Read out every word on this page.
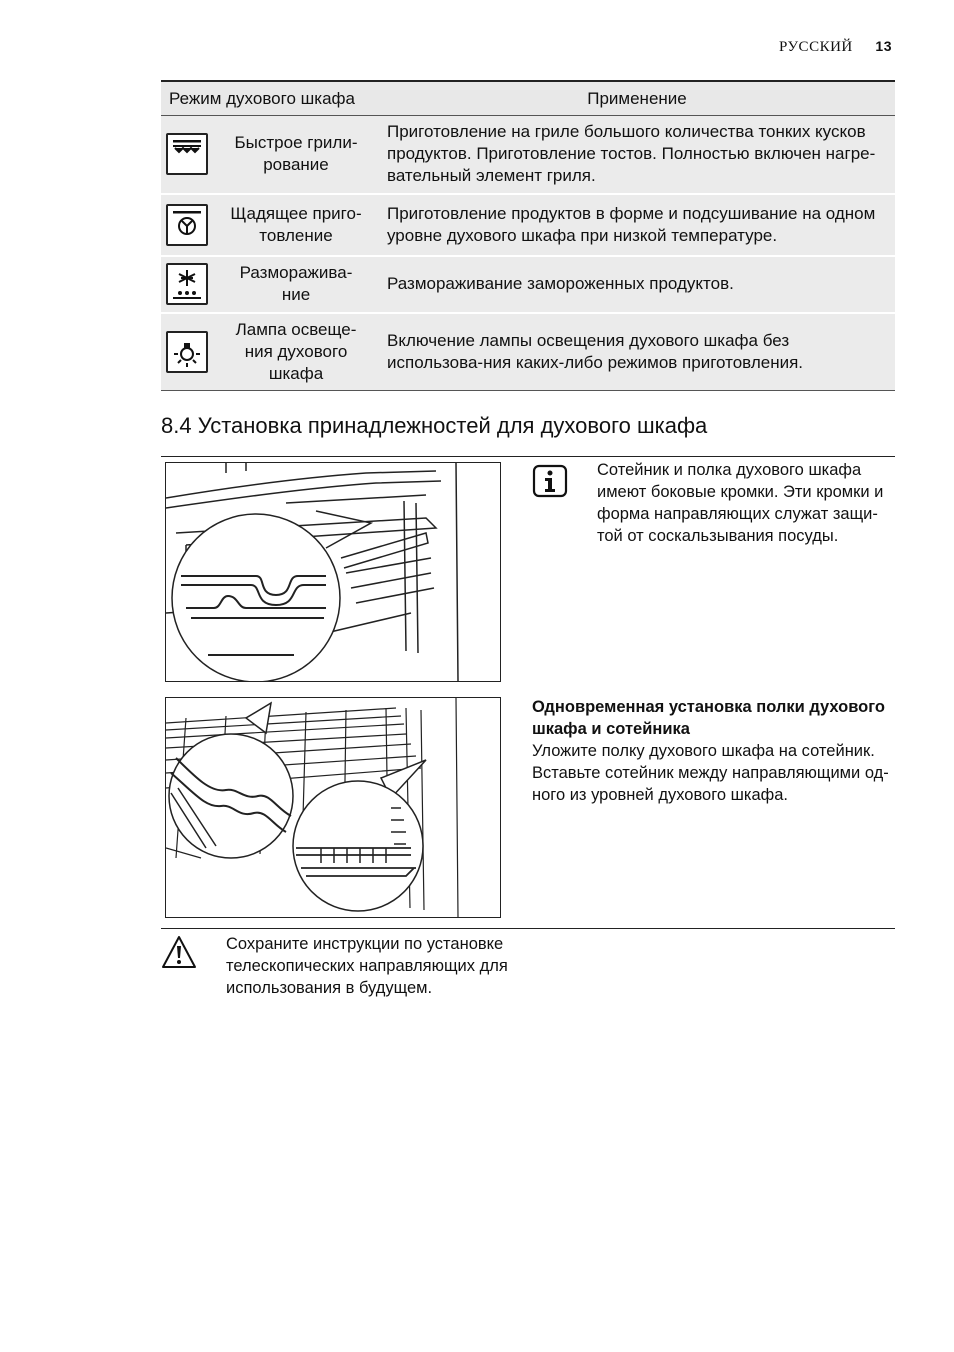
РУССКИЙ 13
Режим духового шкафа		Применение

	Быстрое грили-
рование	Приготовление на гриле большого количества тонких кусков продуктов. Приготовление тостов. Полностью включен нагре-вательный элемент гриля.

	Щадящее приго-
товление	Приготовление продуктов в форме и подсушивание на одном уровне духового шкафа при низкой температуре.

	Разморажива-
ние	Размораживание замороженных продуктов.

	Лампа освеще-
ния духового
шкафа	Включение лампы освещения духового шкафа без использова-ния каких-либо режимов приготовления.
8.4 Установка принадлежностей для духового шкафа
Сотейник и полка духового шкафа имеют боковые кромки. Эти кромки и форма направляющих служат защи-той от соскальзывания посуды.
Одновременная установка полки духового шкафа и сотейника
Уложите полку духового шкафа на сотейник. Вставьте сотейник между направляющими од-ного из уровней духового шкафа.
Сохраните инструкции по установке телескопических направляющих для использования в будущем.
